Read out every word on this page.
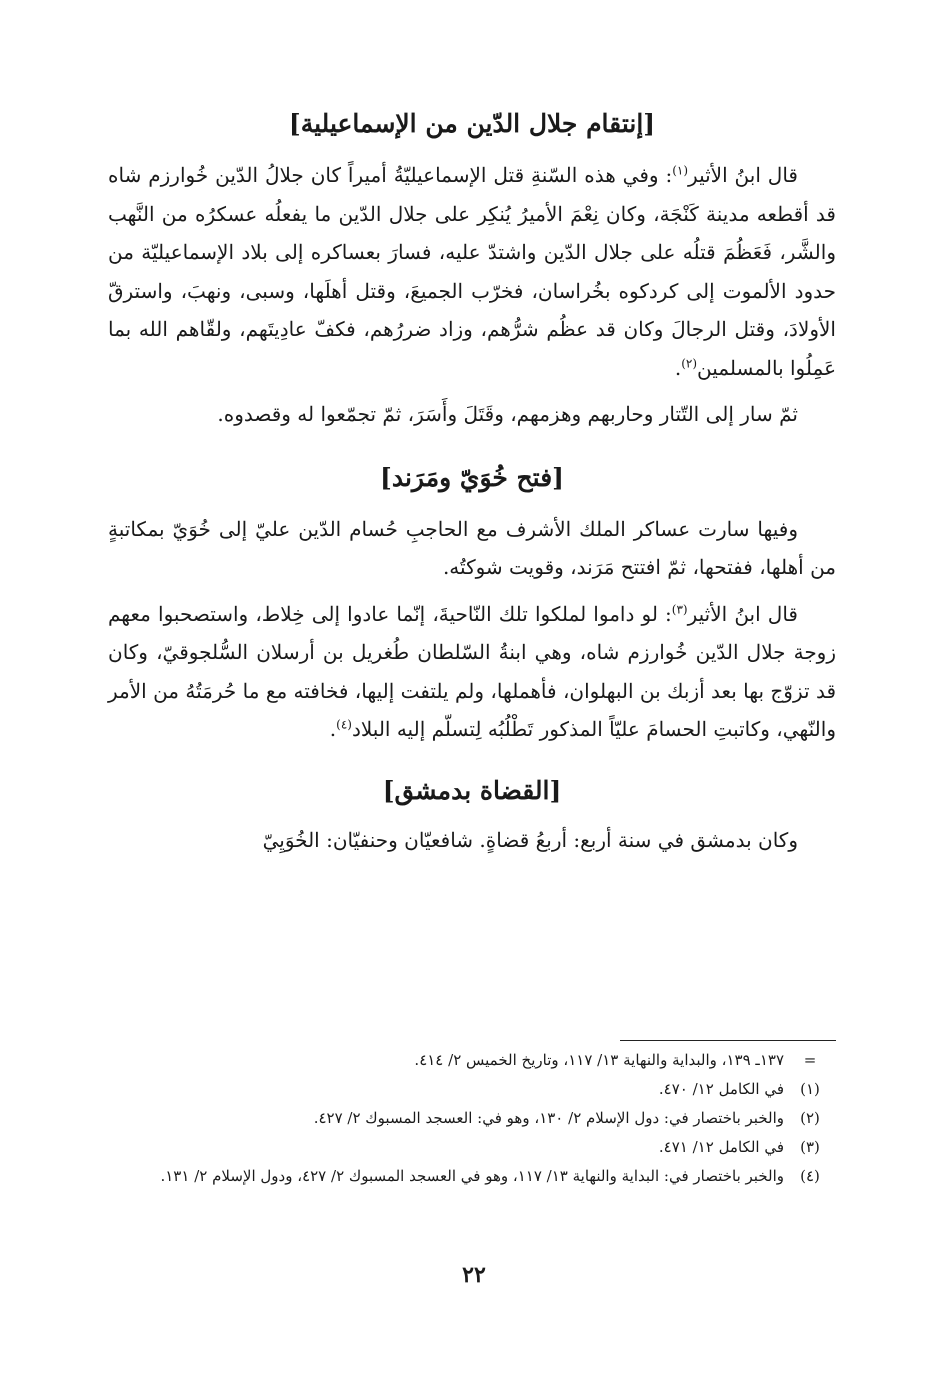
[إنتقام جلال الدّين من الإسماعيلية]

قال ابنُ الأثير$^{(١)}$: وفي هذه السّنةِ قتل الإسماعيليّةُ أميراً كان جلالُ الدّين خُوارزم شاه قد أقطعه مدينة كَنْجَة، وكان نِعْمَ الأميرُ يُنكِر على جلال الدّين ما يفعلُه عسكرُه من النَّهب والشَّر، فَعَظُمَ قتلُه على جلال الدّين واشتدّ عليه، فسارَ بعساكره إلى بلاد الإسماعيليّة من حدود الألموت إلى كردكوه بخُراسان، فخرّب الجميعَ، وقتل أهلَها، وسبى، ونهبَ، واسترقّ الأولادَ، وقتل الرجالَ وكان قد عظُم شرُّهم، وزاد ضررُهم، فكفّ عادِيتَهم، ولقّاهم الله بما عَمِلُوا بالمسلمين$^{(٢)}$.

ثمّ سار إلى التّتار وحاربهم وهزمهم، وقَتَلَ وأَسَرَ، ثمّ تجمّعوا له وقصدوه.

[فتح خُوَيّ ومَرَند]

وفيها سارت عساكر الملك الأشرف مع الحاجبِ حُسام الدّين عليّ إلى خُوَيّ بمكاتبةٍ من أهلها، ففتحها، ثمّ افتتح مَرَند، وقويت شوكتُه.

قال ابنُ الأثير$^{(٣)}$: لو داموا لملكوا تلك النّاحيةَ، إنّما عادوا إلى خِلاط، واستصحبوا معهم زوجة جلال الدّين خُوارزم شاه، وهي ابنةُ السّلطان طُغريل بن أرسلان السُّلجوقيّ، وكان قد تزوّج بها بعد أزبك بن البهلوان، فأهملها، ولم يلتفت إليها، فخافته مع ما حُرمَتُهُ من الأمر والنّهي، وكاتبتِ الحسامَ عليّاً المذكور تَطْلُبُه لِتسلّم إليه البلاد$^{(٤)}$.

[القضاة بدمشق]

وكان بدمشق في سنة أربع: أربعُ قضاةٍ. شافعيّان وحنفيّان: الخُوَيِيّ

=
١٣٧ـ ١٣٩، والبداية والنهاية ١٣/ ١١٧، وتاريخ الخميس ٢/ ٤١٤.
(١)
في الكامل ١٢/ ٤٧٠.
(٢)
والخبر باختصار في: دول الإسلام ٢/ ١٣٠، وهو في: العسجد المسبوك ٢/ ٤٢٧.
(٣)
في الكامل ١٢/ ٤٧١.
(٤)
والخبر باختصار في: البداية والنهاية ١٣/ ١١٧، وهو في العسجد المسبوك ٢/ ٤٢٧، ودول الإسلام ٢/ ١٣١.
٢٢
